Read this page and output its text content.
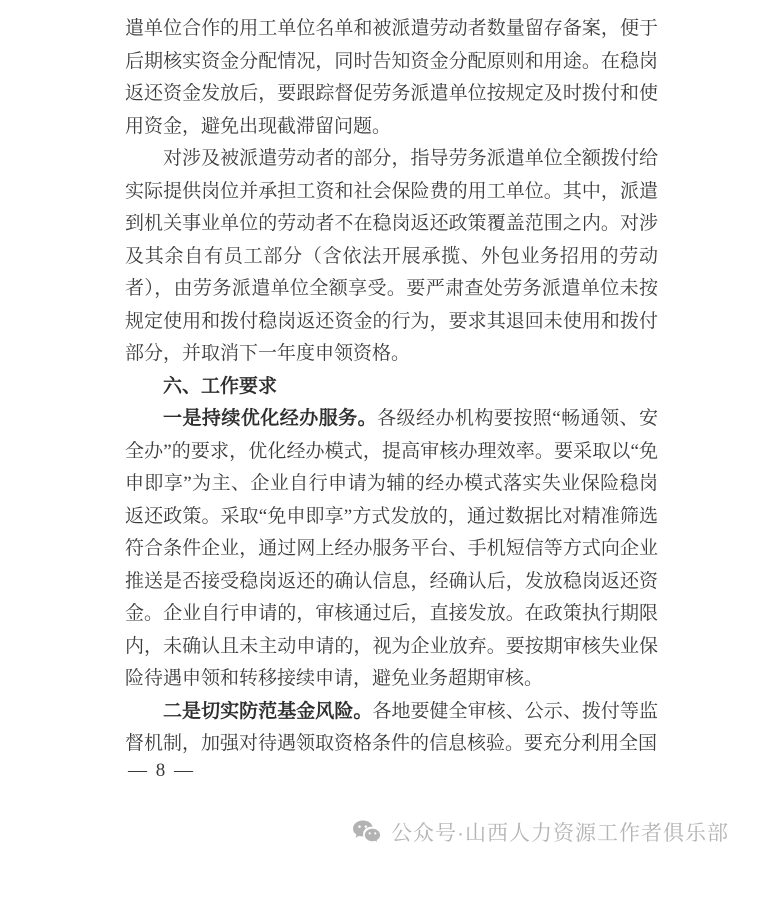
遣单位合作的用工单位名单和被派遣劳动者数量留存备案，便于后期核实资金分配情况，同时告知资金分配原则和用途。在稳岗返还资金发放后，要跟踪督促劳务派遣单位按规定及时拨付和使用资金，避免出现截滞留问题。

对涉及被派遣劳动者的部分，指导劳务派遣单位全额拨付给实际提供岗位并承担工资和社会保险费的用工单位。其中，派遣到机关事业单位的劳动者不在稳岗返还政策覆盖范围之内。对涉及其余自有员工部分（含依法开展承揽、外包业务招用的劳动者），由劳务派遣单位全额享受。要严肃查处劳务派遣单位未按规定使用和拨付稳岗返还资金的行为，要求其退回未使用和拨付部分，并取消下一年度申领资格。

六、工作要求

一是持续优化经办服务。各级经办机构要按照“畅通领、安全办”的要求，优化经办模式，提高审核办理效率。要采取以“免申即享”为主、企业自行申请为辅的经办模式落实失业保险稳岗返还政策。采取“免申即享”方式发放的，通过数据比对精准筛选符合条件企业，通过网上经办服务平台、手机短信等方式向企业推送是否接受稳岗返还的确认信息，经确认后，发放稳岗返还资金。企业自行申请的，审核通过后，直接发放。在政策执行期限内，未确认且未主动申请的，视为企业放弃。要按期审核失业保险待遇申领和转移接续申请，避免业务超期审核。

二是切实防范基金风险。各地要健全审核、公示、拨付等监督机制，加强对待遇领取资格条件的信息核验。要充分利用全国

— 8 —
公众号·山西人力资源工作者俱乐部
